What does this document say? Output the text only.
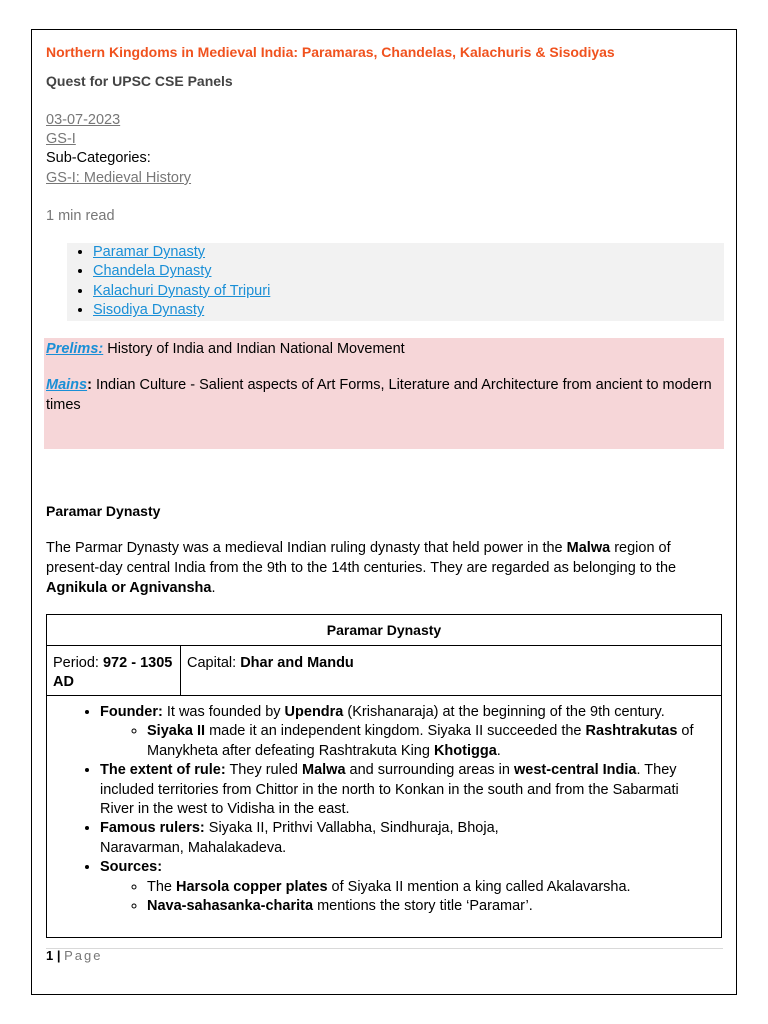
Northern Kingdoms in Medieval India: Paramaras, Chandelas, Kalachuris & Sisodiyas
Quest for UPSC CSE Panels
03-07-2023
GS-I
Sub-Categories:
GS-I: Medieval History
1 min read
• Paramar Dynasty
• Chandela Dynasty
• Kalachuri Dynasty of Tripuri
• Sisodiya Dynasty

Prelims: History of India and Indian National Movement

Mains: Indian Culture - Salient aspects of Art Forms, Literature and Architecture from ancient to modern times

Paramar Dynasty
The Parmar Dynasty was a medieval Indian ruling dynasty that held power in the Malwa region of present-day central India from the 9th to the 14th centuries. They are regarded as belonging to the Agnikula or Agnivansha.
Paramar Dynasty
Period: 972 - 1305 AD	Capital: Dhar and Mandu

• Founder: It was founded by Upendra (Krishanaraja) at the beginning of the 9th century.
◦ Siyaka II made it an independent kingdom. Siyaka II succeeded the Rashtrakutas of Manykheta after defeating Rashtrakuta King Khotigga.
• The extent of rule: They ruled Malwa and surrounding areas in west-central India. They included territories from Chittor in the north to Konkan in the south and from the Sabarmati River in the west to Vidisha in the east.
• Famous rulers: Siyaka II, Prithvi Vallabha, Sindhuraja, Bhoja, Naravarman, Mahalakadeva.
• Sources:
◦ The Harsola copper plates of Siyaka II mention a king called Akalavarsha.
◦ Nava-sahasanka-charita mentions the story title ‘Paramar’.
1 | Page
